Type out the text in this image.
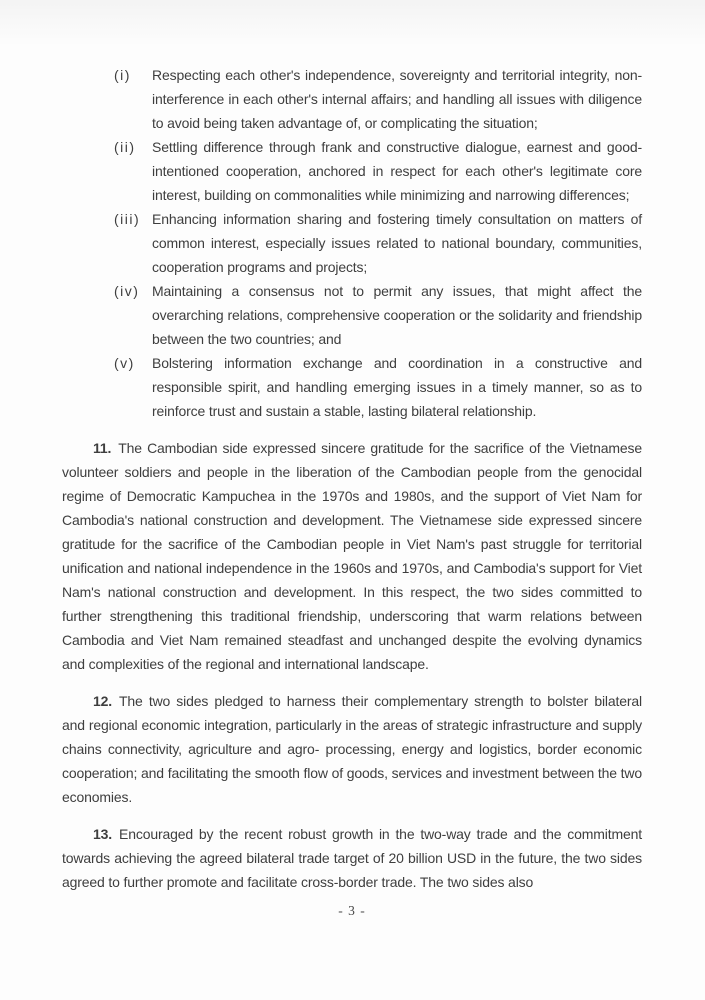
(i)	Respecting each other's independence, sovereignty and territorial integrity, non-interference in each other's internal affairs; and handling all issues with diligence to avoid being taken advantage of, or complicating the situation;
(ii)	Settling difference through frank and constructive dialogue, earnest and good-intentioned cooperation, anchored in respect for each other's legitimate core interest, building on commonalities while minimizing and narrowing differences;
(iii) Enhancing information sharing and fostering timely consultation on matters of common interest, especially issues related to national boundary, communities, cooperation programs and projects;
(iv) Maintaining a consensus not to permit any issues, that might affect the overarching relations, comprehensive cooperation or the solidarity and friendship between the two countries; and
(v)	Bolstering information exchange and coordination in a constructive and responsible spirit, and handling emerging issues in a timely manner, so as to reinforce trust and sustain a stable, lasting bilateral relationship.

11. The Cambodian side expressed sincere gratitude for the sacrifice of the Vietnamese volunteer soldiers and people in the liberation of the Cambodian people from the genocidal regime of Democratic Kampuchea in the 1970s and 1980s, and the support of Viet Nam for Cambodia's national construction and development. The Vietnamese side expressed sincere gratitude for the sacrifice of the Cambodian people in Viet Nam's past struggle for territorial unification and national independence in the 1960s and 1970s, and Cambodia's support for Viet Nam's national construction and development. In this respect, the two sides committed to further strengthening this traditional friendship, underscoring that warm relations between Cambodia and Viet Nam remained steadfast and unchanged despite the evolving dynamics and complexities of the regional and international landscape.

12. The two sides pledged to harness their complementary strength to bolster bilateral and regional economic integration, particularly in the areas of strategic infrastructure and supply chains connectivity, agriculture and agro- processing, energy and logistics, border economic cooperation; and facilitating the smooth flow of goods, services and investment between the two economies.

13. Encouraged by the recent robust growth in the two-way trade and the commitment towards achieving the agreed bilateral trade target of 20 billion USD in the future, the two sides agreed to further promote and facilitate cross-border trade. The two sides also

- 3 -
